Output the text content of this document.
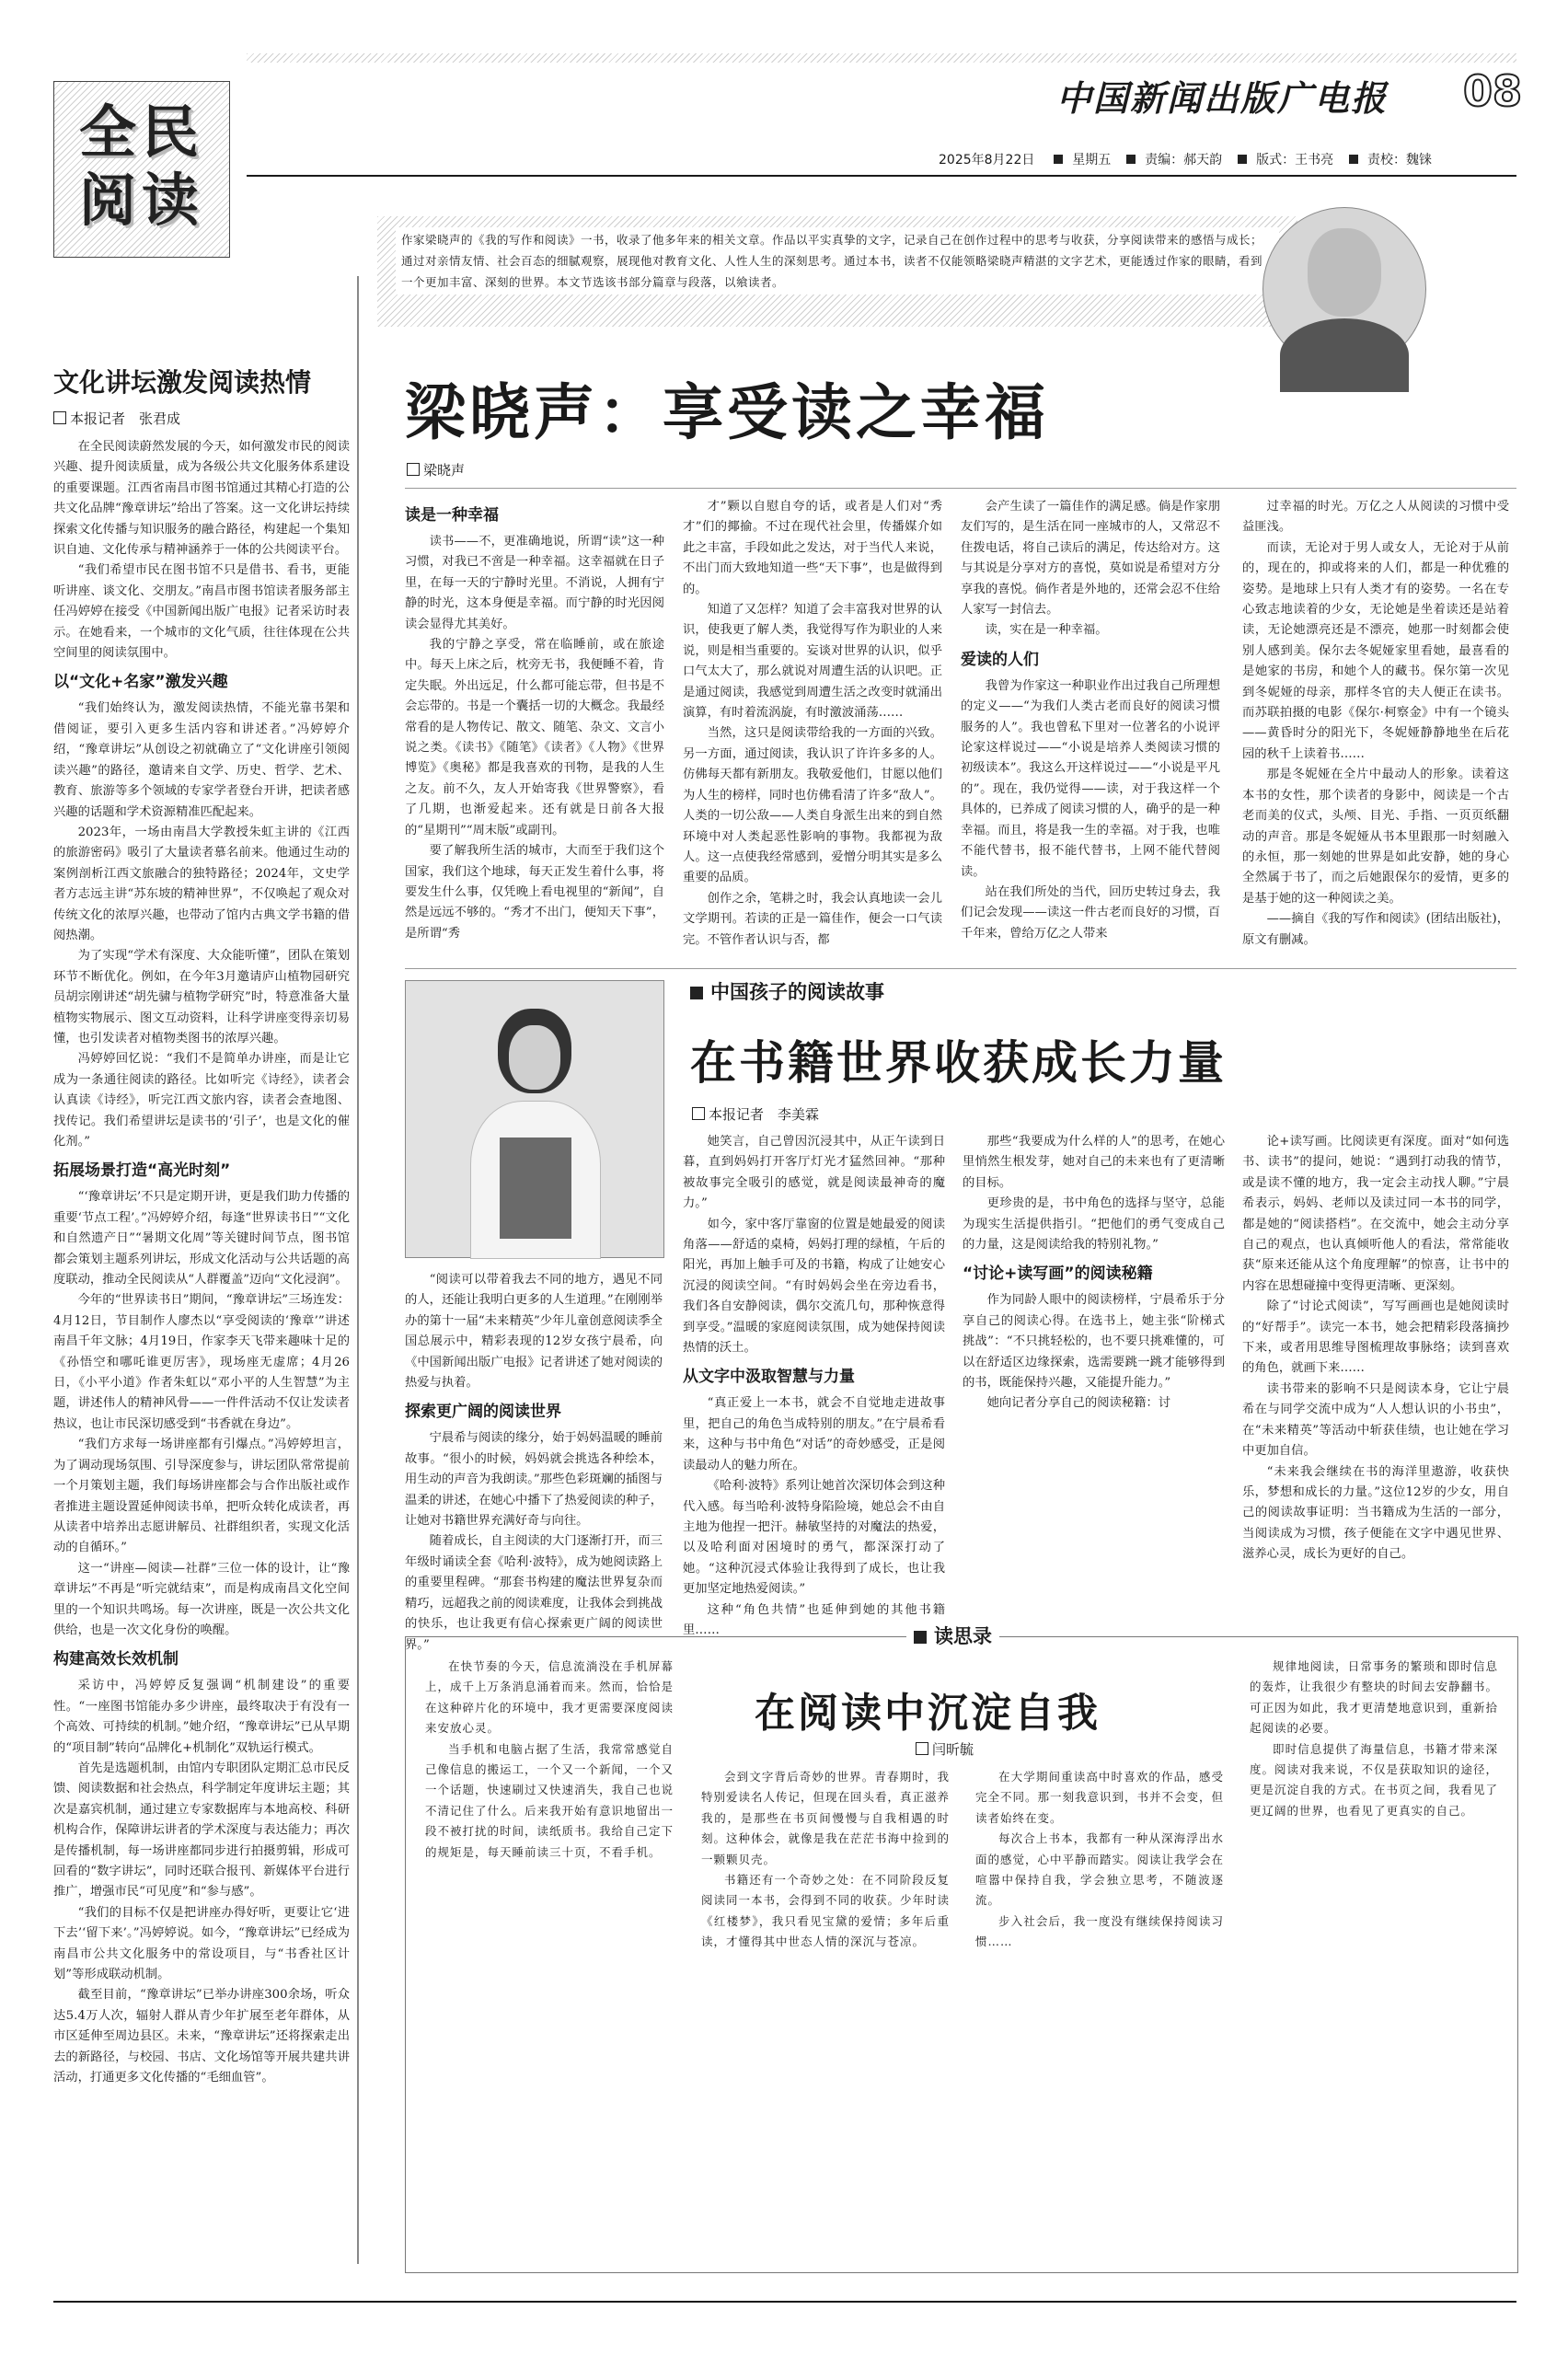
全民阅读
中国新闻出版广电报	08
2025年8月22日	星期五	责编：郝天韵	版式：王书亮	责校：魏铼
文化讲坛激发阅读热情
本报记者　张君成

在全民阅读蔚然发展的今天，如何激发市民的阅读兴趣、提升阅读质量，成为各级公共文化服务体系建设的重要课题。江西省南昌市图书馆通过其精心打造的公共文化品牌“豫章讲坛”给出了答案。这一文化讲坛持续探索文化传播与知识服务的融合路径，构建起一个集知识自迪、文化传承与精神涵养于一体的公共阅读平台。

“我们希望市民在图书馆不只是借书、看书，更能听讲座、谈文化、交朋友。”南昌市图书馆读者服务部主任冯婷婷在接受《中国新闻出版广电报》记者采访时表示。在她看来，一个城市的文化气质，往往体现在公共空间里的阅读氛围中。

以“文化+名家”激发兴趣

“我们始终认为，激发阅读热情，不能光靠书架和借阅证，要引入更多生活内容和讲述者。”冯婷婷介绍，“豫章讲坛”从创设之初就确立了“文化讲座引领阅读兴趣”的路径，邀请来自文学、历史、哲学、艺术、教育、旅游等多个领域的专家学者登台开讲，把读者感兴趣的话题和学术资源精准匹配起来。

2023年，一场由南昌大学教授朱虹主讲的《江西的旅游密码》吸引了大量读者慕名前来。他通过生动的案例剖析江西文旅融合的独特路径；2024年，文史学者方志远主讲“苏东坡的精神世界”，不仅唤起了观众对传统文化的浓厚兴趣，也带动了馆内古典文学书籍的借阅热潮。

为了实现“学术有深度、大众能听懂”，团队在策划环节不断优化。例如，在今年3月邀请庐山植物园研究员胡宗刚讲述“胡先骕与植物学研究”时，特意准备大量植物实物展示、图文互动资料，让科学讲座变得亲切易懂，也引发读者对植物类图书的浓厚兴趣。

冯婷婷回忆说：“我们不是简单办讲座，而是让它成为一条通往阅读的路径。比如听完《诗经》，读者会认真读《诗经》，听完江西文旅内容，读者会查地图、找传记。我们希望讲坛是读书的‘引子’，也是文化的催化剂。”

拓展场景打造“高光时刻”

“‘豫章讲坛’不只是定期开讲，更是我们助力传播的重要‘节点工程’。”冯婷婷介绍，每逢“世界读书日”“文化和自然遗产日”“暑期文化周”等关键时间节点，图书馆都会策划主题系列讲坛，形成文化活动与公共话题的高度联动，推动全民阅读从“人群覆盖”迈向“文化浸润”。

今年的“世界读书日”期间，“豫章讲坛”三场连发：4月12日，节目制作人廖杰以“享受阅读的‘豫章’”讲述南昌千年文脉；4月19日，作家李天飞带来趣味十足的《孙悟空和哪吒谁更厉害》，现场座无虚席；4月26日，《小平小道》作者朱虹以“邓小平的人生智慧”为主题，讲述伟人的精神风骨——一件件活动不仅让发读者热议，也让市民深切感受到“书香就在身边”。

“我们方求每一场讲座都有引爆点。”冯婷婷坦言，为了调动现场氛围、引导深度参与，讲坛团队常常提前一个月策划主题，我们每场讲座都会与合作出版社或作者推进主题设置延伸阅读书单，把听众转化成读者，再从读者中培养出志愿讲解员、社群组织者，实现文化活动的自循环。”

这一“讲座—阅读—社群”三位一体的设计，让“豫章讲坛”不再是“听完就结束”，而是构成南昌文化空间里的一个知识共鸣场。每一次讲座，既是一次公共文化供给，也是一次文化身份的唤醒。

构建高效长效机制

采访中，冯婷婷反复强调“机制建设”的重要性。“一座图书馆能办多少讲座，最终取决于有没有一个高效、可持续的机制。”她介绍，“豫章讲坛”已从早期的“项目制”转向“品牌化+机制化”双轨运行模式。

首先是选题机制，由馆内专职团队定期汇总市民反馈、阅读数据和社会热点，科学制定年度讲坛主题；其次是嘉宾机制，通过建立专家数据库与本地高校、科研机构合作，保障讲坛讲者的学术深度与表达能力；再次是传播机制，每一场讲座都同步进行拍摄剪辑，形成可回看的“数字讲坛”，同时还联合报刊、新媒体平台进行推广，增强市民“可见度”和“参与感”。

“我们的目标不仅是把讲座办得好听，更要让它‘进下去’‘留下来’。”冯婷婷说。如今，“豫章讲坛”已经成为南昌市公共文化服务中的常设项目，与“书香社区计划”等形成联动机制。

截至目前，“豫章讲坛”已举办讲座300余场，听众达5.4万人次，辐射人群从青少年扩展至老年群体，从市区延伸至周边县区。未来，“豫章讲坛”还将探索走出去的新路径，与校园、书店、文化场馆等开展共建共讲活动，打通更多文化传播的“毛细血管”。

作家梁晓声的《我的写作和阅读》一书，收录了他多年来的相关文章。作品以平实真挚的文字，记录自己在创作过程中的思考与收获，分享阅读带来的感悟与成长；通过对亲情友情、社会百态的细腻观察，展现他对教育文化、人性人生的深刻思考。通过本书，读者不仅能领略梁晓声精湛的文字艺术，更能透过作家的眼睛，看到一个更加丰富、深刻的世界。本文节选该书部分篇章与段落，以飨读者。
梁晓声：享受读之幸福
梁晓声
读是一种幸福

读书——不，更准确地说，所谓“读”这一种习惯，对我已不啻是一种幸福。这幸福就在日子里，在每一天的宁静时光里。不消说，人拥有宁静的时光，这本身便是幸福。而宁静的时光因阅读会显得尤其美好。

我的宁静之享受，常在临睡前，或在旅途中。每天上床之后，枕旁无书，我便睡不着，肯定失眠。外出远足，什么都可能忘带，但书是不会忘带的。书是一个囊括一切的大概念。我最经常看的是人物传记、散文、随笔、杂文、文言小说之类。《读书》《随笔》《读者》《人物》《世界博览》《奥秘》都是我喜欢的刊物，是我的人生之友。前不久，友人开始寄我《世界警察》，看了几期，也渐爱起来。还有就是日前各大报的“星期刊”“周末版”或副刊。

要了解我所生活的城市，大而至于我们这个国家，我们这个地球，每天正发生着什么事，将要发生什么事，仅凭晚上看电视里的“新闻”，自然是远远不够的。“秀才不出门，便知天下事”，是所谓“秀

才”颗以自慰自夸的话，或者是人们对“秀才”们的揶揄。不过在现代社会里，传播媒介如此之丰富，手段如此之发达，对于当代人来说，不出门而大致地知道一些“天下事”，也是做得到的。

知道了又怎样？知道了会丰富我对世界的认识，使我更了解人类，我觉得写作为职业的人来说，则是相当重要的。妄谈对世界的认识，似乎口气太大了，那么就说对周遭生活的认识吧。正是通过阅读，我感觉到周遭生活之改变时就涌出演算，有时着流涡旋，有时激波涌荡……

当然，这只是阅读带给我的一方面的兴致。另一方面，通过阅读，我认识了许许多多的人。仿佛每天都有新朋友。我敬爱他们，甘愿以他们为人生的榜样，同时也仿佛看清了许多“敌人”。人类的一切公敌——人类自身派生出来的到自然环境中对人类起恶性影响的事物。我都视为敌人。这一点使我经常感到，爱憎分明其实是多么重要的品质。

创作之余，笔耕之时，我会认真地读一会儿文学期刊。若读的正是一篇佳作，便会一口气读完。不管作者认识与否，都

会产生读了一篇佳作的满足感。倘是作家朋友们写的，是生活在同一座城市的人，又常忍不住拨电话，将自己读后的满足，传达给对方。这与其说是分享对方的喜悦，莫如说是希望对方分享我的喜悦。倘作者是外地的，还常会忍不住给人家写一封信去。

读，实在是一种幸福。

爱读的人们

我曾为作家这一种职业作出过我自己所理想的定义——“为我们人类古老而良好的阅读习惯服务的人”。我也曾私下里对一位著名的小说评论家这样说过——“小说是培养人类阅读习惯的初级读本”。我这么开这样说过——“小说是平凡的”。现在，我仍觉得——读，对于我这样一个具体的，已养成了阅读习惯的人，确乎的是一种幸福。而且，将是我一生的幸福。对于我，也唯不能代替书，报不能代替书，上网不能代替阅读。

站在我们所处的当代，回历史转过身去，我们记会发现——读这一件古老而良好的习惯，百千年来，曾给万亿之人带来

过幸福的时光。万亿之人从阅读的习惯中受益匪浅。

而读，无论对于男人或女人，无论对于从前的，现在的，抑或将来的人们，都是一种优雅的姿势。是地球上只有人类才有的姿势。一名在专心致志地读着的少女，无论她是坐着读还是站着读，无论她漂亮还是不漂亮，她那一时刻都会使别人感到美。保尔去冬妮娅家里看她，最喜看的是她家的书房，和她个人的藏书。保尔第一次见到冬妮娅的母亲，那样冬官的夫人便正在读书。而苏联拍摄的电影《保尔·柯察金》中有一个镜头——黄昏时分的阳光下，冬妮娅静静地坐在后花园的秋千上读着书……

那是冬妮娅在全片中最动人的形象。读着这本书的女性，那个读者的身影中，阅读是一个古老而美的仪式，头颅、目光、手指、一页页纸翻动的声音。那是冬妮娅从书本里跟那一时刻融入的永恒，那一刻她的世界是如此安静，她的身心全然属于书了，而之后她跟保尔的爱情，更多的是基于她的这一种阅读之美。

——摘自《我的写作和阅读》(团结出版社)，原文有删减。

中国孩子的阅读故事
在书籍世界收获成长力量
本报记者　李美霖

“阅读可以带着我去不同的地方，遇见不同的人，还能让我明白更多的人生道理。”在刚刚举办的第十一届“未来精英”少年儿童创意阅读季全国总展示中，精彩表现的12岁女孩宁晨希，向《中国新闻出版广电报》记者讲述了她对阅读的热爱与执着。

探索更广阔的阅读世界

宁晨希与阅读的缘分，始于妈妈温暖的睡前故事。“很小的时候，妈妈就会挑选各种绘本，用生动的声音为我朗读。”那些色彩斑斓的插图与温柔的讲述，在她心中播下了热爱阅读的种子，让她对书籍世界充满好奇与向往。

随着成长，自主阅读的大门逐渐打开，而三年级时诵读全套《哈利·波特》，成为她阅读路上的重要里程碑。“那套书构建的魔法世界复杂而精巧，远超我之前的阅读难度，让我体会到挑战的快乐，也让我更有信心探索更广阔的阅读世界。”

她笑言，自己曾因沉浸其中，从正午读到日暮，直到妈妈打开客厅灯光才猛然回神。“那种被故事完全吸引的感觉，就是阅读最神奇的魔力。”

如今，家中客厅靠窗的位置是她最爱的阅读角落——舒适的桌椅，妈妈打理的绿植，午后的阳光，再加上触手可及的书籍，构成了让她安心沉浸的阅读空间。“有时妈妈会坐在旁边看书，我们各自安静阅读，偶尔交流几句，那种恢意得到享受。”温暖的家庭阅读氛围，成为她保持阅读热情的沃土。

从文字中汲取智慧与力量

“真正爱上一本书，就会不自觉地走进故事里，把自己的角色当成特别的朋友。”在宁晨希看来，这种与书中角色“对话”的奇妙感受，正是阅读最动人的魅力所在。

《哈利·波特》系列让她首次深切体会到这种代入感。每当哈利·波特身陷险境，她总会不由自主地为他捏一把汗。赫敏坚持的对魔法的热爱，以及哈利面对困境时的勇气，都深深打动了她。“这种沉浸式体验让我得到了成长，也让我更加坚定地热爱阅读。”

这种“角色共情”也延伸到她的其他书籍里……

那些“我要成为什么样的人”的思考，在她心里悄然生根发芽，她对自己的未来也有了更清晰的目标。

更珍贵的是，书中角色的选择与坚守，总能为现实生活提供指引。“把他们的勇气变成自己的力量，这是阅读给我的特别礼物。”

“讨论+读写画”的阅读秘籍

作为同龄人眼中的阅读榜样，宁晨希乐于分享自己的阅读心得。在选书上，她主张“阶梯式挑战”：“不只挑轻松的，也不要只挑难懂的，可以在舒适区边缘探索，选需要跳一跳才能够得到的书，既能保持兴趣，又能提升能力。”

她向记者分享自己的阅读秘籍：讨

论+读写画。比阅读更有深度。面对“如何选书、读书”的提问，她说：“遇到打动我的情节，或是读不懂的地方，我一定会主动找人聊。”宁晨希表示，妈妈、老师以及读过同一本书的同学，都是她的“阅读搭档”。在交流中，她会主动分享自己的观点，也认真倾听他人的看法，常常能收获“原来还能从这个角度理解”的惊喜，让书中的内容在思想碰撞中变得更清晰、更深刻。

除了“讨论式阅读”，写写画画也是她阅读时的“好帮手”。读完一本书，她会把精彩段落摘抄下来，或者用思维导图梳理故事脉络；读到喜欢的角色，就画下来……

读书带来的影响不只是阅读本身，它让宁晨希在与同学交流中成为“人人想认识的小书虫”，在“未来精英”等活动中斩获佳绩，也让她在学习中更加自信。

“未来我会继续在书的海洋里遨游，收获快乐，梦想和成长的力量。”这位12岁的少女，用自己的阅读故事证明：当书籍成为生活的一部分，当阅读成为习惯，孩子便能在文字中遇见世界、滋养心灵，成长为更好的自己。

读思录
在阅读中沉淀自我
闫昕毓

在快节奏的今天，信息流淌没在手机屏幕上，成千上万条消息涌着而来。然而，恰恰是在这种碎片化的环境中，我才更需要深度阅读来安放心灵。

当手机和电脑占据了生活，我常常感觉自己像信息的搬运工，一个又一个新闻，一个又一个话题，快速刷过又快速消失，我自己也说不清记住了什么。后来我开始有意识地留出一段不被打扰的时间，读纸质书。我给自己定下的规矩是，每天睡前读三十页，不看手机。

会到文字背后奇妙的世界。青春期时，我特别爱读名人传记，但现在回头看，真正滋养我的，是那些在书页间慢慢与自我相遇的时刻。这种体会，就像是我在茫茫书海中捡到的一颗颗贝壳。

书籍还有一个奇妙之处：在不同阶段反复阅读同一本书，会得到不同的收获。少年时读《红楼梦》，我只看见宝黛的爱情；多年后重读，才懂得其中世态人情的深沉与苍凉。

在大学期间重读高中时喜欢的作品，感受完全不同。那一刻我意识到，书并不会变，但读者始终在变。

每次合上书本，我都有一种从深海浮出水面的感觉，心中平静而踏实。阅读让我学会在喧嚣中保持自我，学会独立思考，不随波逐流。

步入社会后，我一度没有继续保持阅读习惯……

规律地阅读，日常事务的繁琐和即时信息的轰炸，让我很少有整块的时间去安静翻书。可正因为如此，我才更清楚地意识到，重新拾起阅读的必要。

即时信息提供了海量信息，书籍才带来深度。阅读对我来说，不仅是获取知识的途径，更是沉淀自我的方式。在书页之间，我看见了更辽阔的世界，也看见了更真实的自己。
